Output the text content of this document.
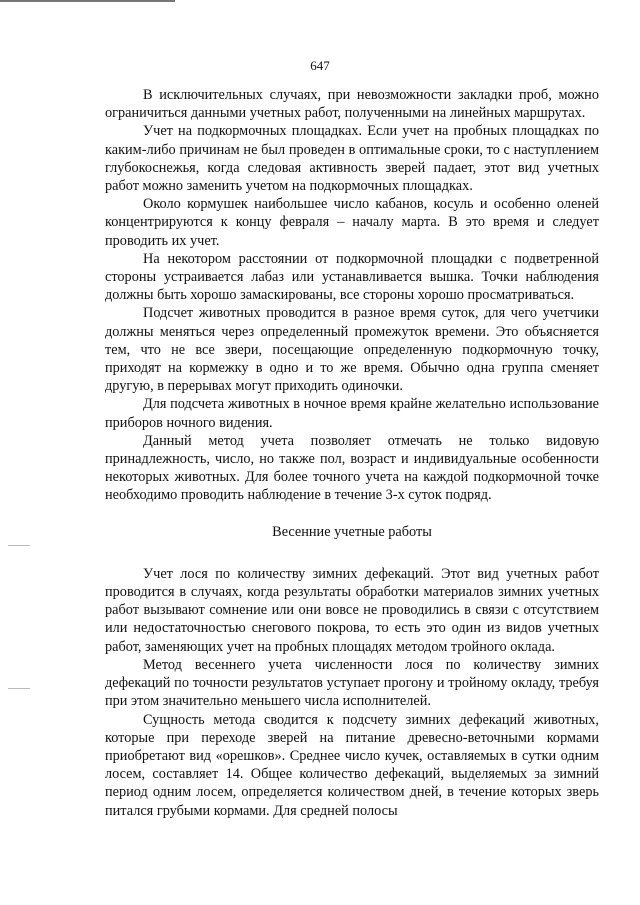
647

В исключительных случаях, при невозможности закладки проб, можно ограничиться данными учетных работ, полученными на линейных маршрутах.

Учет на подкормочных площадках. Если учет на пробных площадках по каким-либо причинам не был проведен в оптимальные сроки, то с наступлением глубокоснежья, когда следовая активность зверей падает, этот вид учетных работ можно заменить учетом на подкормочных площадках.

Около кормушек наибольшее число кабанов, косуль и особенно оленей концентрируются к концу февраля – началу марта. В это время и следует проводить их учет.

На некотором расстоянии от подкормочной площадки с подветренной стороны устраивается лабаз или устанавливается вышка. Точки наблюдения должны быть хорошо замаскированы, все стороны хорошо просматриваться.

Подсчет животных проводится в разное время суток, для чего учетчики должны меняться через определенный промежуток времени. Это объясняется тем, что не все звери, посещающие определенную подкормочную точку, приходят на кормежку в одно и то же время. Обычно одна группа сменяет другую, в перерывах могут приходить одиночки.

Для подсчета животных в ночное время крайне желательно использование приборов ночного видения.

Данный метод учета позволяет отмечать не только видовую принадлежность, число, но также пол, возраст и индивидуальные особенности некоторых животных. Для более точного учета на каждой подкормочной точке необходимо проводить наблюдение в течение 3-х суток подряд.

Весенние учетные работы

Учет лося по количеству зимних дефекаций. Этот вид учетных работ проводится в случаях, когда результаты обработки материалов зимних учетных работ вызывают сомнение или они вовсе не проводились в связи с отсутствием или недостаточностью снегового покрова, то есть это один из видов учетных работ, заменяющих учет на пробных площадях методом тройного оклада.

Метод весеннего учета численности лося по количеству зимних дефекаций по точности результатов уступает прогону и тройному окладу, требуя при этом значительно меньшего числа исполнителей.

Сущность метода сводится к подсчету зимних дефекаций животных, которые при переходе зверей на питание древесно-веточными кормами приобретают вид «орешков». Среднее число кучек, оставляемых в сутки одним лосем, составляет 14. Общее количество дефекаций, выделяемых за зимний период одним лосем, определяется количеством дней, в течение которых зверь питался грубыми кормами. Для средней полосы
